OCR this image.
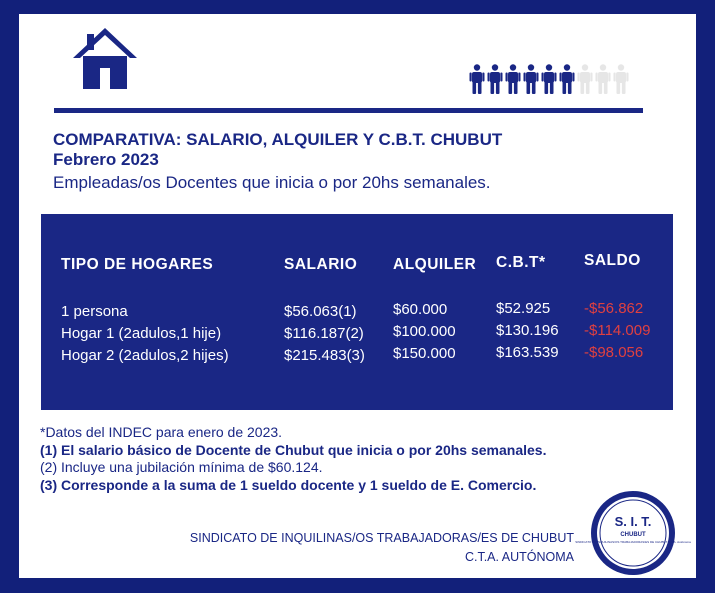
COMPARATIVA: SALARIO, ALQUILER Y C.B.T. CHUBUT
Febrero 2023
Empleadas/os Docentes que inicia o por 20hs semanales.
TIPO DE HOGARES	SALARIO ALQUILER C.B.T* SALDO
1 persona	$56.063(1) $60.000	$52.925 -$56.862
Hogar 1 (2adulos,1 hije)	$116.187(2) $100.000	$130.196 -$114.009
Hogar 2 (2adulos,2 hijes)	$215.483(3) $150.000	$163.539 -$98.056
*Datos del INDEC para enero de 2023.
(1) El salario básico de Docente de Chubut que inicia o por 20hs semanales.
(2) Incluye una jubilación mínima de $60.124.
(3) Corresponde a la suma de 1 sueldo docente y 1 sueldo de E. Comercio.
SINDICATO DE INQUILINAS/OS TRABAJADORAS/ES DE CHUBUT
C.T.A. AUTÓNOMA
S. I. T.
CHUBUT
SINDICATO DE INQUILINAS/OS TRABAJADORAS/ES DE CHUBUT C.T.A. Autónoma
